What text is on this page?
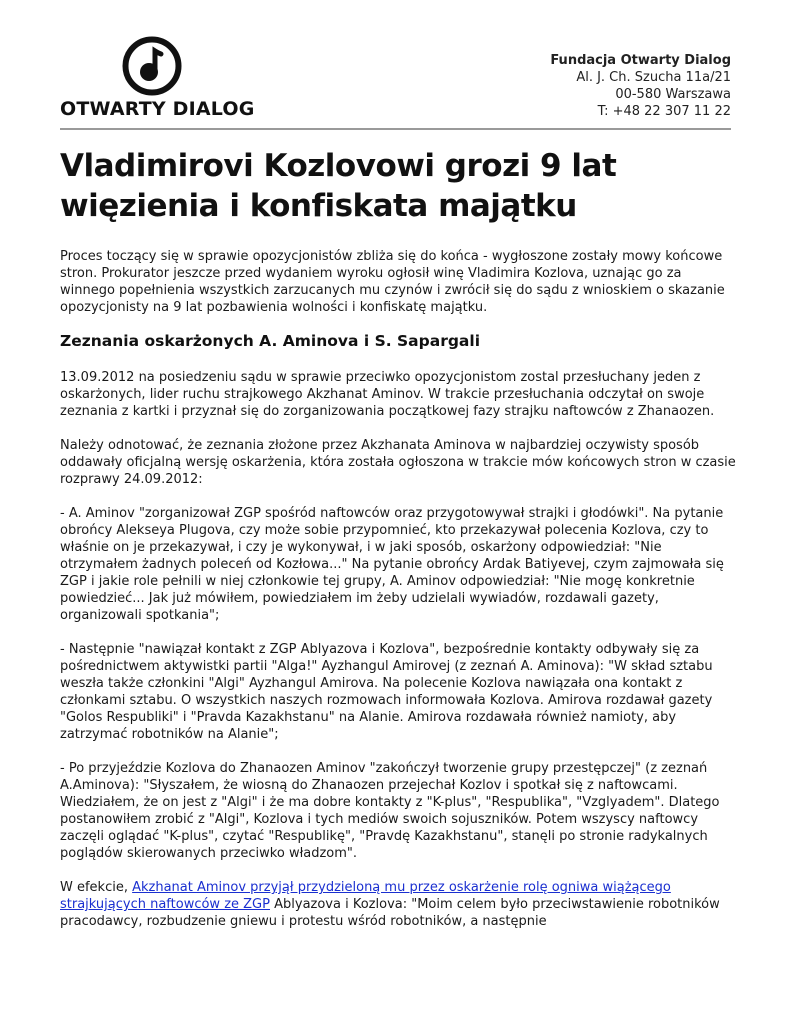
OTWARTY DIALOG
Fundacja Otwarty Dialog
Al. J. Ch. Szucha 11a/21
00-580 Warszawa
T: +48 22 307 11 22
Vladimirovi Kozlovowi grozi 9 lat więzienia i konfiskata majątku

Proces toczący się w sprawie opozycjonistów zbliża się do końca - wygłoszone zostały mowy końcowe stron. Prokurator jeszcze przed wydaniem wyroku ogłosił winę Vladimira Kozlova, uznając go za winnego popełnienia wszystkich zarzucanych mu czynów i zwrócił się do sądu z wnioskiem o skazanie opozycjonisty na 9 lat pozbawienia wolności i konfiskatę majątku.

Zeznania oskarżonych A. Aminova i S. Sapargali

13.09.2012 na posiedzeniu sądu w sprawie przeciwko opozycjonistom zostal przesłuchany jeden z oskarżonych, lider ruchu strajkowego Akzhanat Aminov. W trakcie przesłuchania odczytał on swoje zeznania z kartki i przyznał się do zorganizowania początkowej fazy strajku naftowców z Zhanaozen.

Należy odnotować, że zeznania złożone przez Akzhanata Aminova w najbardziej oczywisty sposób oddawały oficjalną wersję oskarżenia, która została ogłoszona w trakcie mów końcowych stron w czasie rozprawy 24.09.2012:

- A. Aminov "zorganizował ZGP spośród naftowców oraz przygotowywał strajki i głodówki". Na pytanie obrońcy Alekseya Plugova, czy może sobie przypomnieć, kto przekazywał polecenia Kozlova, czy to właśnie on je przekazywał, i czy je wykonywał, i w jaki sposób, oskarżony odpowiedział: "Nie otrzymałem żadnych poleceń od Kozłowa..." Na pytanie obrońcy Ardak Batiyevej, czym zajmowała się ZGP i jakie role pełnili w niej członkowie tej grupy, A. Aminov odpowiedział: "Nie mogę konkretnie powiedzieć... Jak już mówiłem, powiedziałem im żeby udzielali wywiadów, rozdawali gazety, organizowali spotkania";

- Następnie "nawiązał kontakt z ZGP Ablyazova i Kozlova", bezpośrednie kontakty odbywały się za pośrednictwem aktywistki partii "Alga!" Ayzhangul Amirovej (z zeznań A. Aminova): "W skład sztabu weszła także członkini "Algi" Ayzhangul Amirova. Na polecenie Kozlova nawiązała ona kontakt z członkami sztabu. O wszystkich naszych rozmowach informowała Kozlova. Amirova rozdawał gazety "Golos Respubliki" i "Pravda Kazakhstanu" na Alanie. Amirova rozdawała również namioty, aby zatrzymać robotników na Alanie";

- Po przyjeździe Kozlova do Zhanaozen Aminov "zakończył tworzenie grupy przestępczej" (z zeznań A.Aminova): "Słyszałem, że wiosną do Zhanaozen przejechał Kozlov i spotkał się z naftowcami. Wiedziałem, że on jest z "Algi" i że ma dobre kontakty z "K-plus", "Respublika", "Vzglyadem". Dlatego postanowiłem zrobić z "Algi", Kozlova i tych mediów swoich sojuszników. Potem wszyscy naftowcy zaczęli oglądać "K-plus", czytać "Respublikę", "Pravdę Kazakhstanu", stanęli po stronie radykalnych poglądów skierowanych przeciwko władzom".

W efekcie, Akzhanat Aminov przyjął przydzieloną mu przez oskarżenie rolę ogniwa wiążącego strajkujących naftowców ze ZGP Ablyazova i Kozlova: "Moim celem było przeciwstawienie robotników pracodawcy, rozbudzenie gniewu i protestu wśród robotników, a następnie
